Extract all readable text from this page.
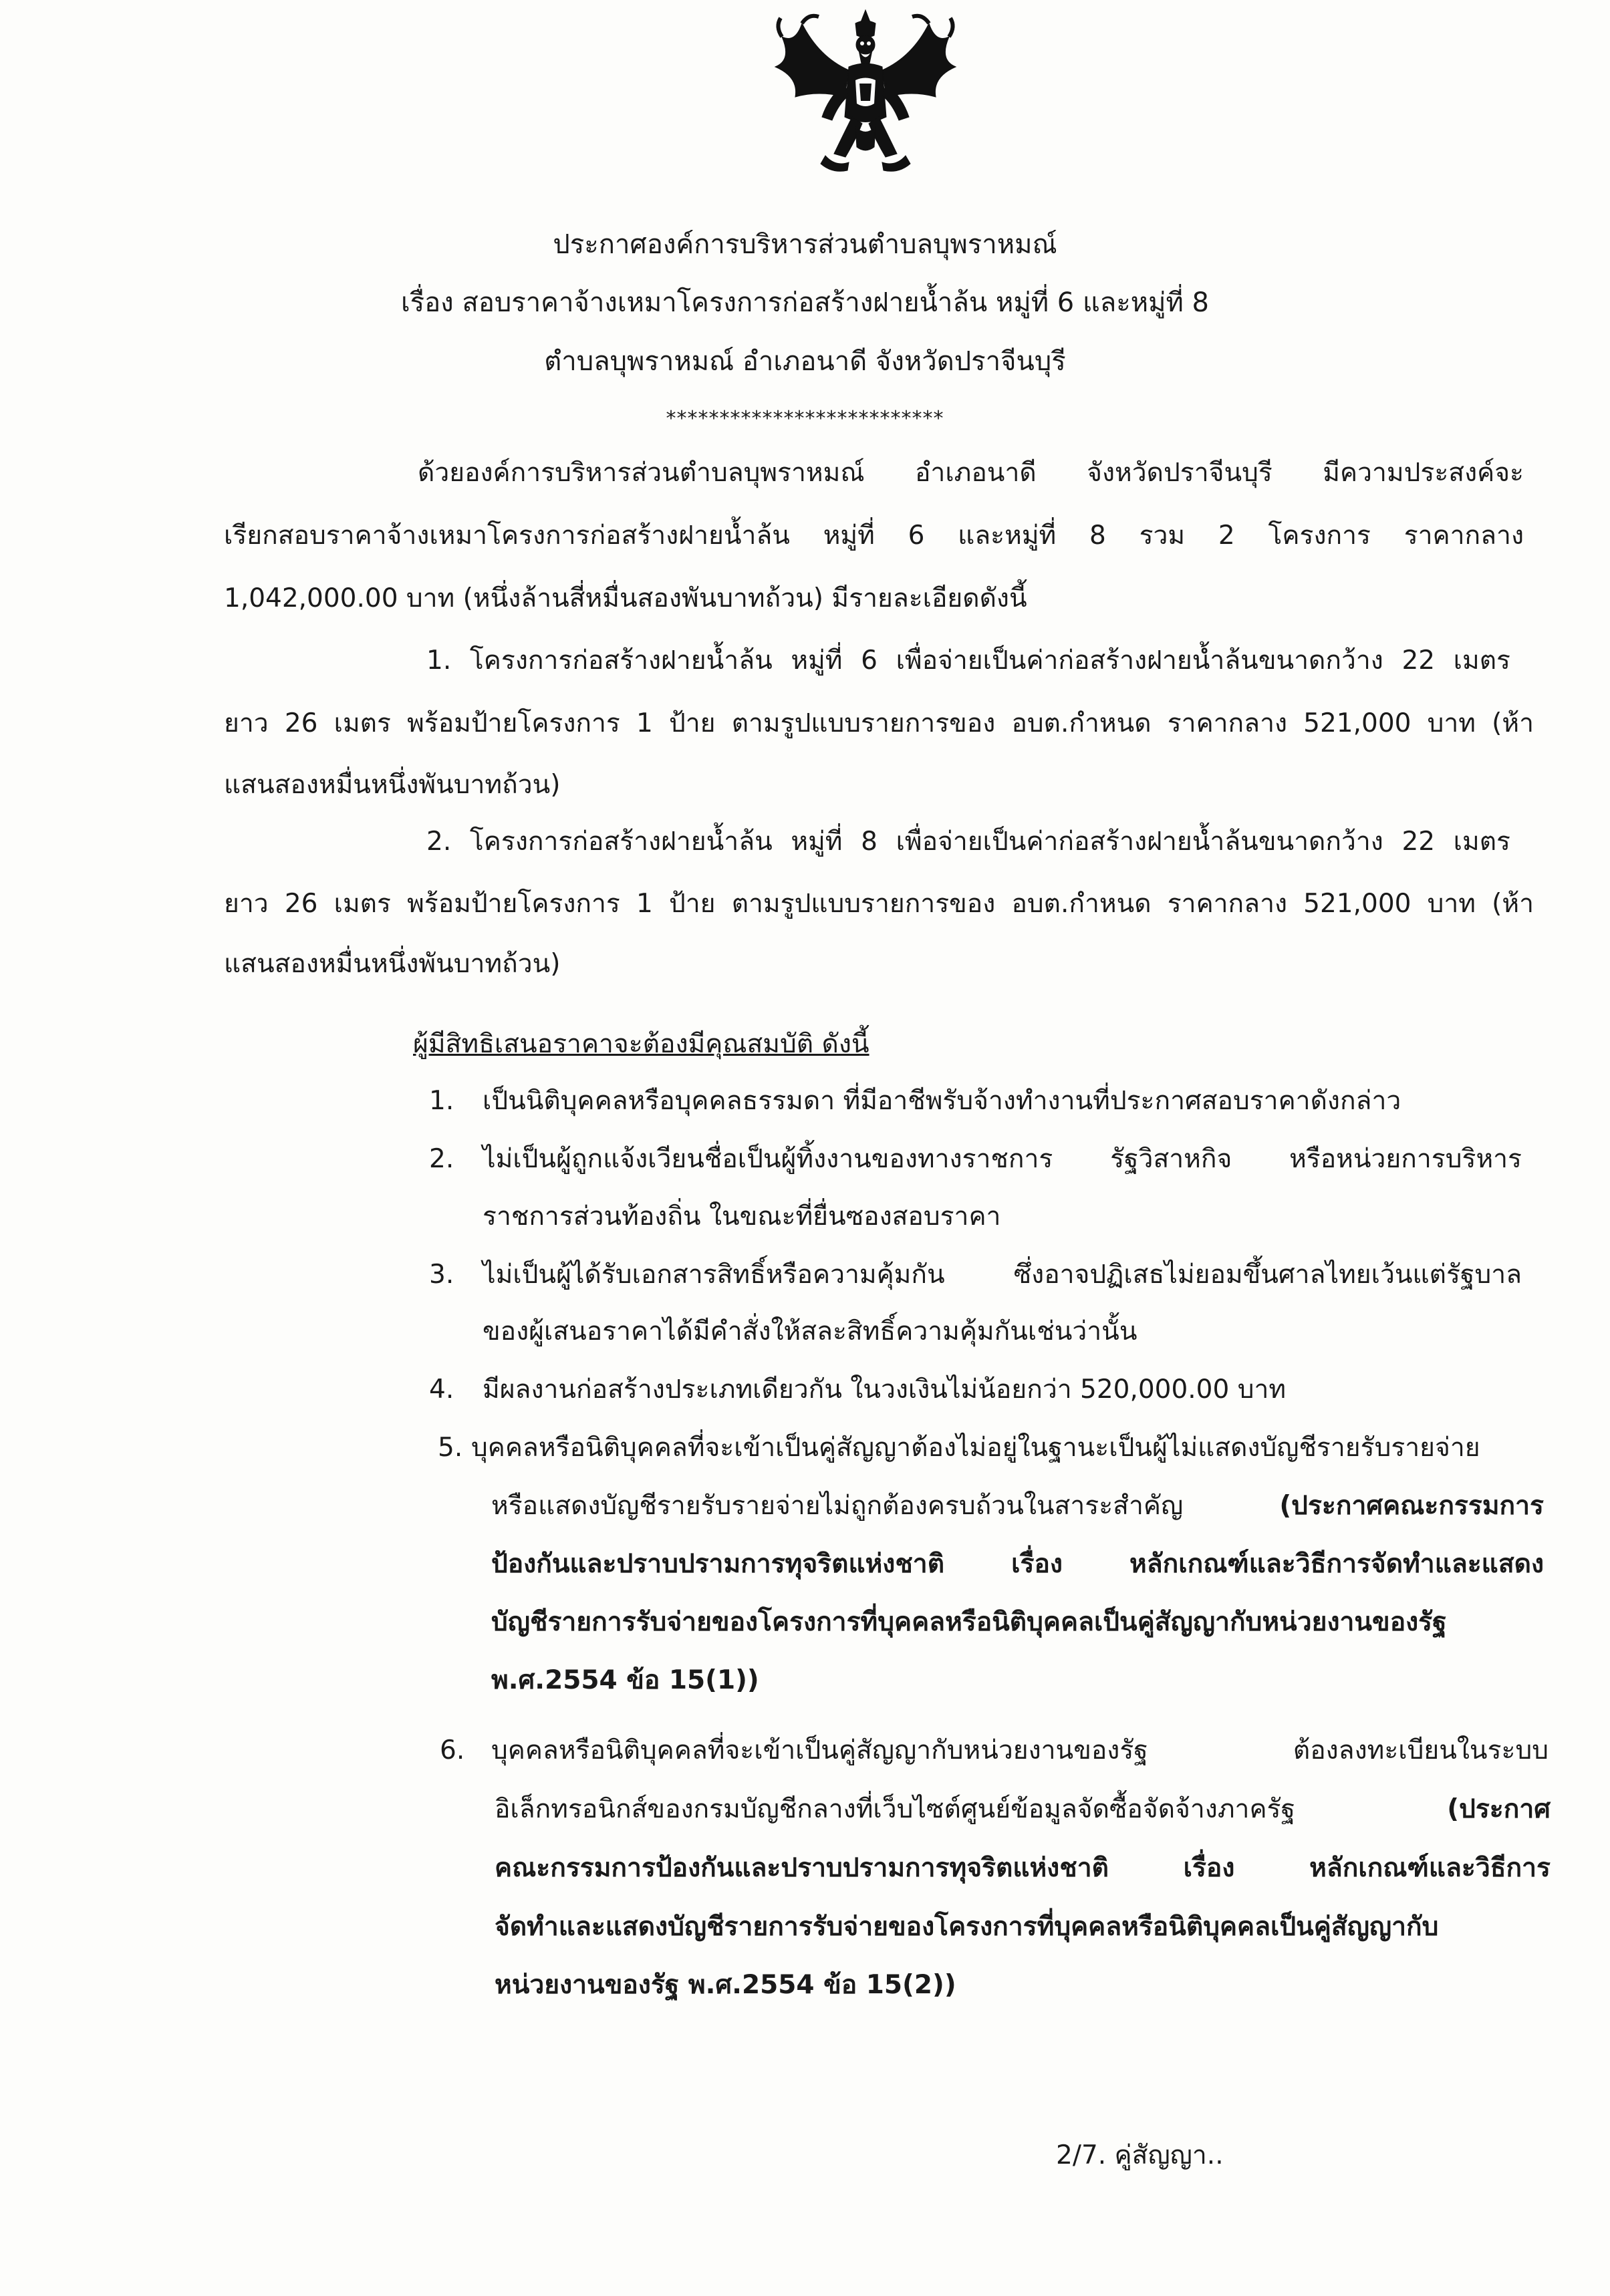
ประกาศองค์การบริหารส่วนตำบลบุพราหมณ์
เรื่อง สอบราคาจ้างเหมาโครงการก่อสร้างฝายน้ำล้น หมู่ที่ 6 และหมู่ที่ 8
ตำบลบุพราหมณ์ อำเภอนาดี จังหวัดปราจีนบุรี
**************************
ด้วยองค์การบริหารส่วนตำบลบุพราหมณ์ อำเภอนาดี จังหวัดปราจีนบุรี มีความประสงค์จะ
เรียกสอบราคาจ้างเหมาโครงการก่อสร้างฝายน้ำล้น หมู่ที่ 6 และหมู่ที่ 8 รวม 2 โครงการ ราคากลาง
1,042,000.00 บาท (หนึ่งล้านสี่หมื่นสองพันบาทถ้วน) มีรายละเอียดดังนี้
1. โครงการก่อสร้างฝายน้ำล้น หมู่ที่ 6 เพื่อจ่ายเป็นค่าก่อสร้างฝายน้ำล้นขนาดกว้าง 22 เมตร
ยาว 26 เมตร พร้อมป้ายโครงการ 1 ป้าย ตามรูปแบบรายการของ อบต.กำหนด ราคากลาง 521,000 บาท (ห้า
แสนสองหมื่นหนึ่งพันบาทถ้วน)
2. โครงการก่อสร้างฝายน้ำล้น หมู่ที่ 8 เพื่อจ่ายเป็นค่าก่อสร้างฝายน้ำล้นขนาดกว้าง 22 เมตร
ยาว 26 เมตร พร้อมป้ายโครงการ 1 ป้าย ตามรูปแบบรายการของ อบต.กำหนด ราคากลาง 521,000 บาท (ห้า
แสนสองหมื่นหนึ่งพันบาทถ้วน)
ผู้มีสิทธิเสนอราคาจะต้องมีคุณสมบัติ ดังนี้
1. เป็นนิติบุคคลหรือบุคคลธรรมดา ที่มีอาชีพรับจ้างทำงานที่ประกาศสอบราคาดังกล่าว
2. ไม่เป็นผู้ถูกแจ้งเวียนชื่อเป็นผู้ทิ้งงานของทางราชการ รัฐวิสาหกิจ หรือหน่วยการบริหาร
ราชการส่วนท้องถิ่น ในขณะที่ยื่นซองสอบราคา
3. ไม่เป็นผู้ได้รับเอกสารสิทธิ์หรือความคุ้มกัน ซึ่งอาจปฏิเสธไม่ยอมขึ้นศาลไทยเว้นแต่รัฐบาล
ของผู้เสนอราคาได้มีคำสั่งให้สละสิทธิ์ความคุ้มกันเช่นว่านั้น
4. มีผลงานก่อสร้างประเภทเดียวกัน ในวงเงินไม่น้อยกว่า 520,000.00 บาท
5. บุคคลหรือนิติบุคคลที่จะเข้าเป็นคู่สัญญาต้องไม่อยู่ในฐานะเป็นผู้ไม่แสดงบัญชีรายรับรายจ่าย
หรือแสดงบัญชีรายรับรายจ่ายไม่ถูกต้องครบถ้วนในสาระสำคัญ (ประกาศคณะกรรมการ
ป้องกันและปราบปรามการทุจริตแห่งชาติ เรื่อง หลักเกณฑ์และวิธีการจัดทำและแสดง
บัญชีรายการรับจ่ายของโครงการที่บุคคลหรือนิติบุคคลเป็นคู่สัญญากับหน่วยงานของรัฐ
พ.ศ.2554 ข้อ 15(1))
6. บุคคลหรือนิติบุคคลที่จะเข้าเป็นคู่สัญญากับหน่วยงานของรัฐ ต้องลงทะเบียนในระบบ
อิเล็กทรอนิกส์ของกรมบัญชีกลางที่เว็บไซต์ศูนย์ข้อมูลจัดซื้อจัดจ้างภาครัฐ (ประกาศ
คณะกรรมการป้องกันและปราบปรามการทุจริตแห่งชาติ เรื่อง หลักเกณฑ์และวิธีการ
จัดทำและแสดงบัญชีรายการรับจ่ายของโครงการที่บุคคลหรือนิติบุคคลเป็นคู่สัญญากับ
หน่วยงานของรัฐ พ.ศ.2554 ข้อ 15(2))
2/7. คู่สัญญา..
